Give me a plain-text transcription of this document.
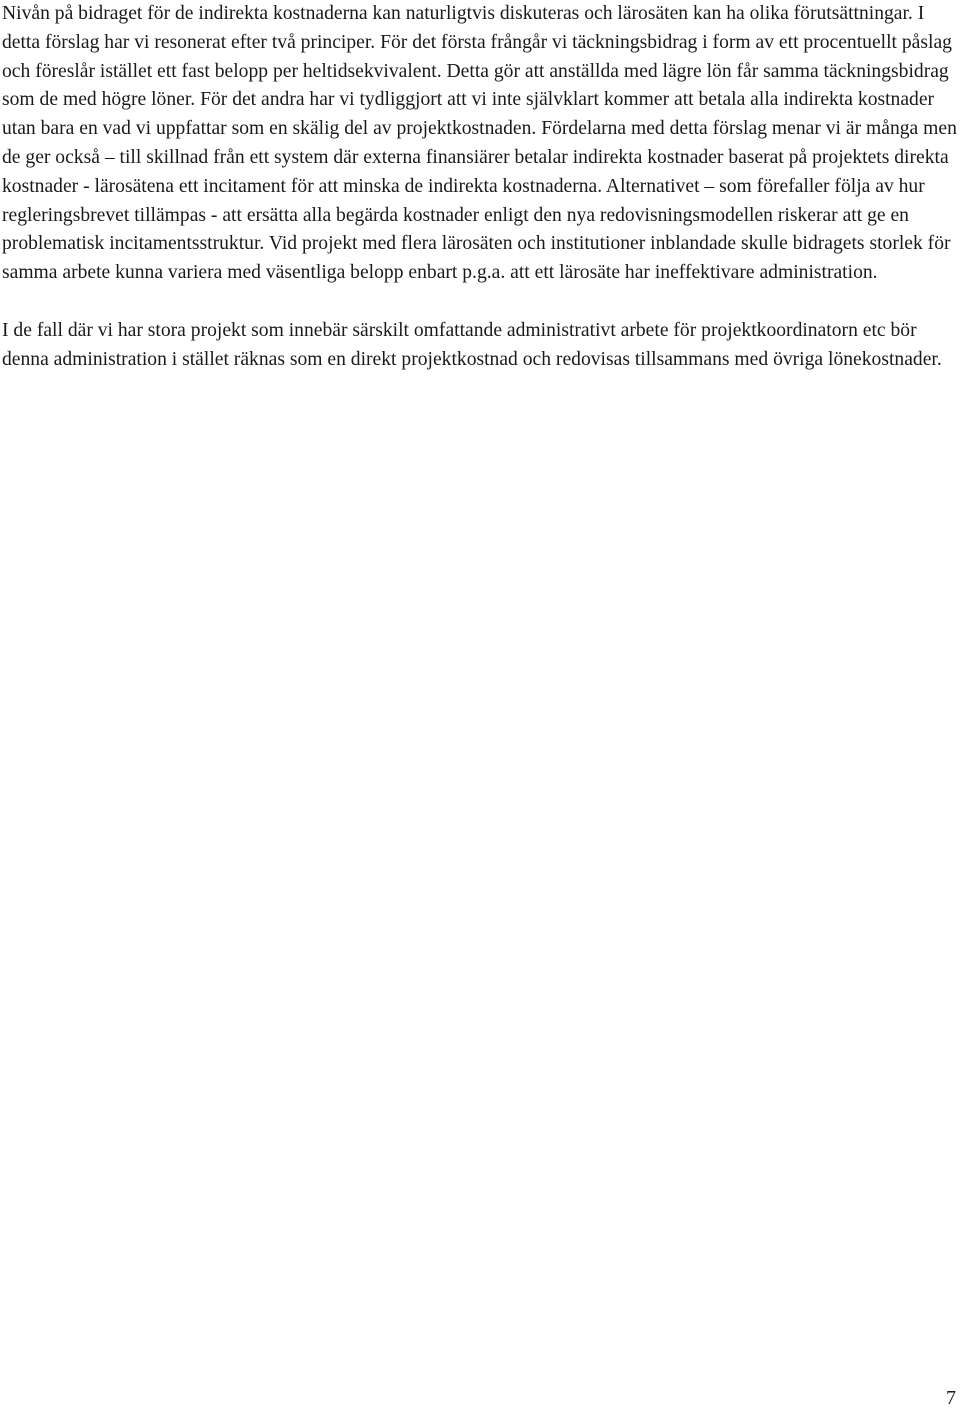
Nivån på bidraget för de indirekta kostnaderna kan naturligtvis diskuteras och lärosäten kan ha olika förutsättningar. I detta förslag har vi resonerat efter två principer. För det första frångår vi täckningsbidrag i form av ett procentuellt påslag och föreslår istället ett fast belopp per heltidsekvivalent. Detta gör att anställda med lägre lön får samma täckningsbidrag som de med högre löner. För det andra har vi tydliggjort att vi inte självklart kommer att betala alla indirekta kostnader utan bara en vad vi uppfattar som en skälig del av projektkostnaden. Fördelarna med detta förslag menar vi är många men de ger också – till skillnad från ett system där externa finansiärer betalar indirekta kostnader baserat på projektets direkta kostnader - lärosätena ett incitament för att minska de indirekta kostnaderna. Alternativet – som förefaller följa av hur regleringsbrevet tillämpas - att ersätta alla begärda kostnader enligt den nya redovisningsmodellen riskerar att ge en problematisk incitamentsstruktur. Vid projekt med flera lärosäten och institutioner inblandade skulle bidragets storlek för samma arbete kunna variera med väsentliga belopp enbart p.g.a. att ett lärosäte har ineffektivare administration.

I de fall där vi har stora projekt som innebär särskilt omfattande administrativt arbete för projektkoordinatorn etc bör denna administration i stället räknas som en direkt projektkostnad och redovisas tillsammans med övriga lönekostnader.

7
